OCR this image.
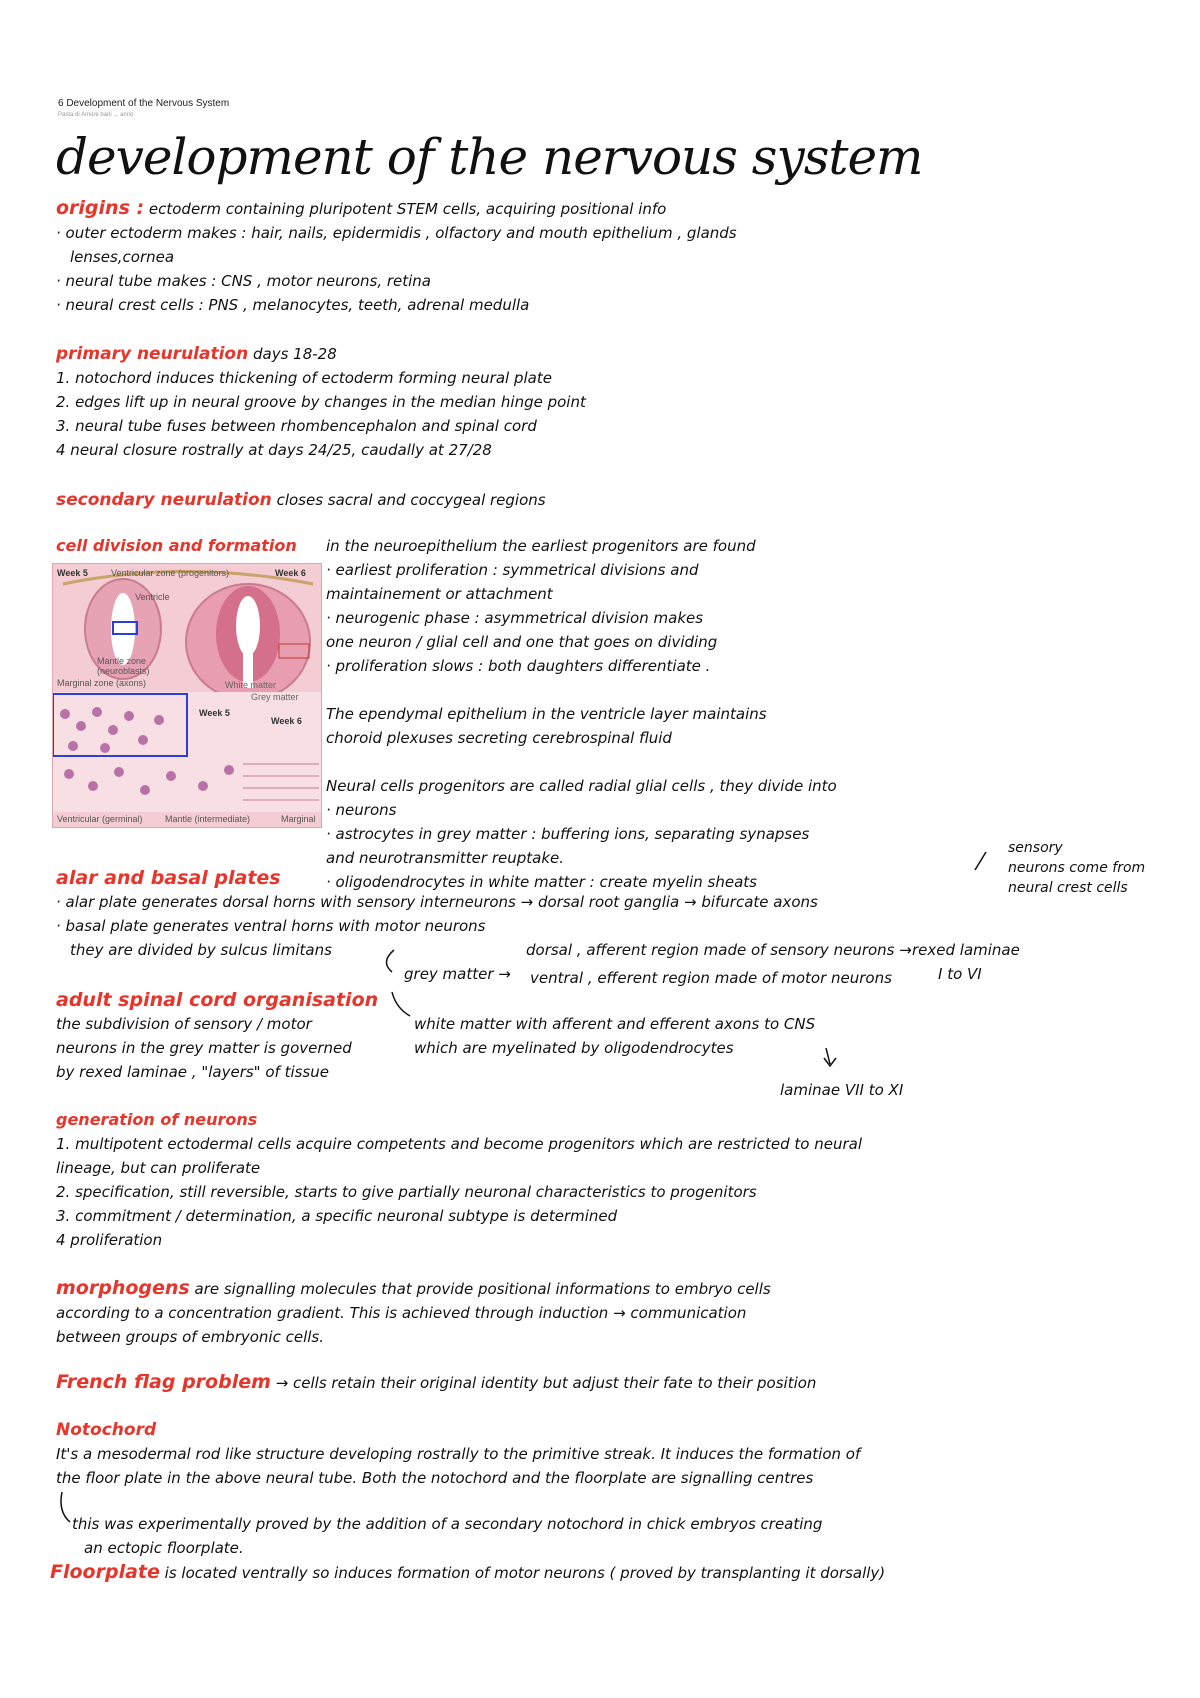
6 Development of the Nervous System
Pasta di Amore barli ... anno
development of the nervous system
origins : ectoderm containing pluripotent STEM cells, acquiring positional info
· outer ectoderm makes : hair, nails, epidermidis , olfactory and mouth epithelium , glands
lenses,cornea
· neural tube makes : CNS , motor neurons, retina
· neural crest cells : PNS , melanocytes, teeth, adrenal medulla
primary neurulation days 18-28
1. notochord induces thickening of ectoderm forming neural plate
2. edges lift up in neural groove by changes in the median hinge point
3. neural tube fuses between rhombencephalon and spinal cord
4 neural closure rostrally at days 24/25, caudally at 27/28
secondary neurulation closes sacral and coccygeal regions
cell division and formation
Week 5	Ventricular zone (progenitors)	Week 6
Ventricle
Mantle zone
(neuroblasts)
Marginal zone (axons)	White matter
Grey matter
Week 5
Week 6
Ventricular (germinal) Mantle (intermediate)	Marginal
in the neuroepithelium the earliest progenitors are found
· earliest proliferation : symmetrical divisions and
maintainement or attachment
· neurogenic phase : asymmetrical division makes
one neuron / glial cell and one that goes on dividing
· proliferation slows : both daughters differentiate .
The ependymal epithelium in the ventricle layer maintains
choroid plexuses secreting cerebrospinal fluid
Neural cells progenitors are called radial glial cells , they divide into
· neurons
· astrocytes in grey matter : buffering ions, separating synapses
and neurotransmitter reuptake.
· oligodendrocytes in white matter : create myelin sheats
sensory
neurons come from
neural crest cells
alar and basal plates
· alar plate generates dorsal horns with sensory interneurons → dorsal root ganglia → bifurcate axons
· basal plate generates ventral horns with motor neurons
they are divided by sulcus limitans	dorsal , afferent region made of sensory neurons → rexed laminae
I to VI
grey matter → ventral , efferent region made of motor neurons
adult spinal cord organisation
the subdivision of sensory / motor
neurons in the grey matter is governed
by rexed laminae , "layers" of tissue
white matter with afferent and efferent axons to CNS
which are myelinated by oligodendrocytes
laminae VII to XI
generation of neurons
1. multipotent ectodermal cells acquire competents and become progenitors which are restricted to neural
lineage, but can proliferate
2. specification, still reversible, starts to give partially neuronal characteristics to progenitors
3. commitment / determination, a specific neuronal subtype is determined
4 proliferation
morphogens are signalling molecules that provide positional informations to embryo cells
according to a concentration gradient. This is achieved through induction → communication
between groups of embryonic cells.
French flag problem → cells retain their original identity but adjust their fate to their position
Notochord
It's a mesodermal rod like structure developing rostrally to the primitive streak. It induces the formation of
the floor plate in the above neural tube. Both the notochord and the floorplate are signalling centres
this was experimentally proved by the addition of a secondary notochord in chick embryos creating
an ectopic floorplate.
Floorplate is located ventrally so induces formation of motor neurons ( proved by transplanting it dorsally)
